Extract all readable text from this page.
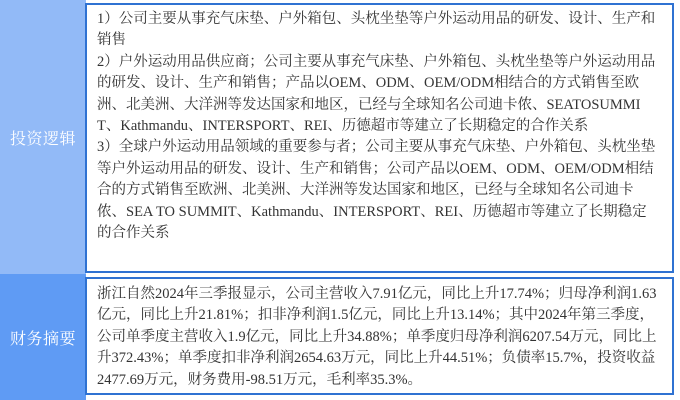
投资逻辑
财务摘要

1）公司主要从事充气床垫、户外箱包、头枕坐垫等户外运动用品的研发、设计、生产和销售

2）户外运动用品供应商；公司主要从事充气床垫、户外箱包、头枕坐垫等户外运动用品的研发、设计、生产和销售；产品以OEM、ODM、OEM/ODM相结合的方式销售至欧洲、北美洲、大洋洲等发达国家和地区，已经与全球知名公司迪卡侬、SEATOSUMMIT、Kathmandu、INTERSPORT、REI、历德超市等建立了长期稳定的合作关系

3）全球户外运动用品领域的重要参与者；公司主要从事充气床垫、户外箱包、头枕坐垫等户外运动用品的研发、设计、生产和销售；公司产品以OEM、ODM、OEM/ODM相结合的方式销售至欧洲、北美洲、大洋洲等发达国家和地区，已经与全球知名公司迪卡侬、SEA TO SUMMIT、Kathmandu、INTERSPORT、REI、历德超市等建立了长期稳定的合作关系

浙江自然2024年三季报显示，公司主营收入7.91亿元，同比上升17.74%；归母净利润1.63亿元，同比上升21.81%；扣非净利润1.5亿元，同比上升13.14%；其中2024年第三季度，公司单季度主营收入1.9亿元，同比上升34.88%；单季度归母净利润6207.54万元，同比上升372.43%；单季度扣非净利润2654.63万元，同比上升44.51%；负债率15.7%，投资收益2477.69万元，财务费用-98.51万元，毛利率35.3%。
